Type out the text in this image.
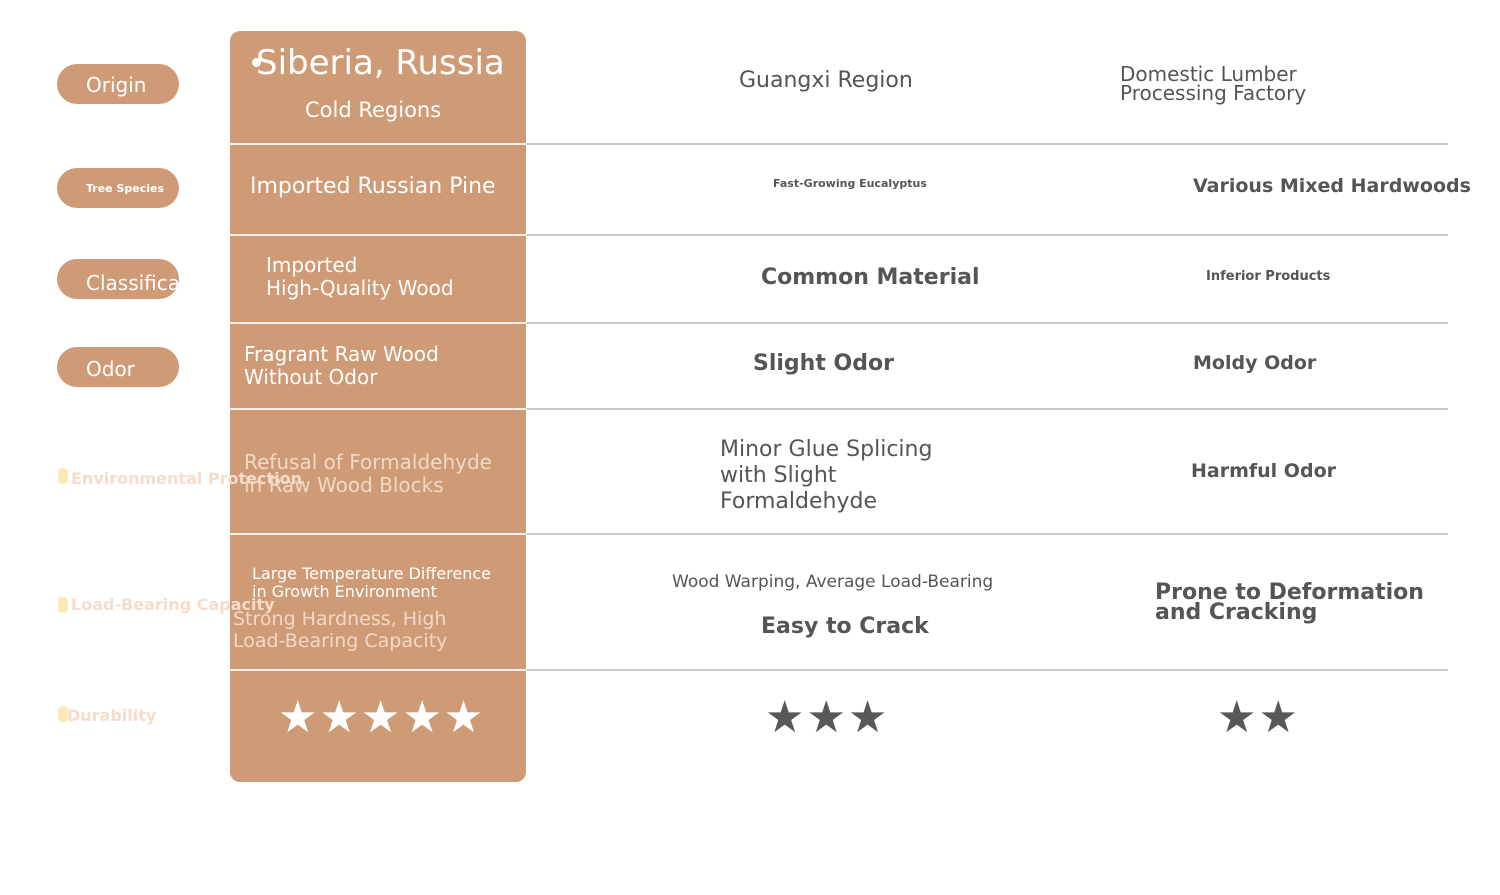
Origin
Tree Species
Classification
Odor
Environmental Protection
Load-Bearing Capacity
Durability
Siberia, Russia
Cold Regions
Imported Russian Pine
Imported
High-Quality Wood
Fragrant Raw Wood
Without Odor
Refusal of Formaldehyde
in Raw Wood Blocks
Large Temperature Difference
in Growth Environment
Strong Hardness, High
Load-Bearing Capacity
★★★★★
Guangxi Region
Fast-Growing Eucalyptus
Common Material
Slight Odor
Minor Glue Splicing
with Slight
Formaldehyde
Wood Warping, Average Load-Bearing
Easy to Crack
★★★
Domestic Lumber
Processing Factory
Various Mixed Hardwoods
Inferior Products
Moldy Odor
Harmful Odor
Prone to Deformation
and Cracking
★★
